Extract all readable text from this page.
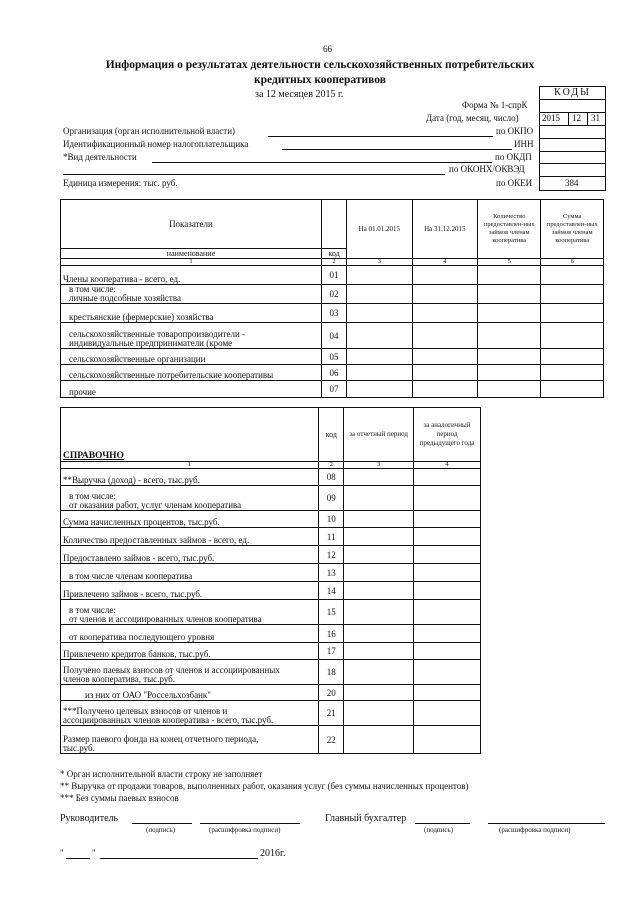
66
Информация о результатах деятельности сельскохозяйственных потребительских
кредитных кооперативов
за 12 месяцев 2015 г.	КОДЫ
Форма № 1-спрК
Дата (год, месяц, число)	2015 12 31
Организация (орган исполнительной власти)	по ОКПО
Идентификационный номер налогоплательщика	ИНН
*Вид деятельности	по ОКДП
по ОКОНХ/ОКВЭД
Единица измерения: тыс. руб.	по ОКЕИ	384
Показатели		На 01.01.2015	На 31.12.2015	Количество предоставлен-ных займов членам кооператива	Сумма предоставлен-ных займов членам кооператива
наименование	код				
1	2	3	4	5	6
Члены кооператива - всего, ед.	01				

в том числе:
личные подсобные хозяйства	02				
крестьянские (фермерские) хозяйства	03				

сельскохозяйственные товаропроизводители -
индивидуальные предприниматели (кроме	04				
сельскохозяйственные организации	05				
сельскохозяйственные потребительские кооперативы	06				
прочие	07				
СПРАВОЧНО	код	за отчетный период	за аналогичный период предыдущего года
1	2	3	4
**Выручка (доход) - всего, тыс.руб.	08		

в том числе:
от оказания работ, услуг членам кооператива	09		
Сумма начисленных процентов, тыс.руб.	10		
Количество предоставленных займов - всего, ед.	11		
Предоставлено займов - всего, тыс.руб.	12		
в том числе членам кооператива	13		
Привлечено займов - всего, тыс.руб.	14		

в том числе:
от членов и ассоциированных членов кооператива	15		
от кооператива последующего уровня	16		
Привлечено кредитов банков, тыс.руб.	17		

Получено паевых взносов от членов и ассоциированных
членов кооператива, тыс.руб.	18		
из них от ОАО "Россельхозбанк"	20		

***Получено целевых взносов от членов и
ассоциированных членов кооператива - всего, тыс.руб.	21		

Размер паевого фонда на конец отчетного периода,
тыс.руб.	22		
* Орган исполнительной власти строку не заполняет
** Выручка от продажи товаров, выполненных работ, оказания услуг (без суммы начисленных процентов)
*** Без суммы паевых взносов
Руководитель
(подпись)	(расшифровка подписи)
Главный бухгалтер
(подпись)	(расшифровка подписи)
"	"	2016г.
